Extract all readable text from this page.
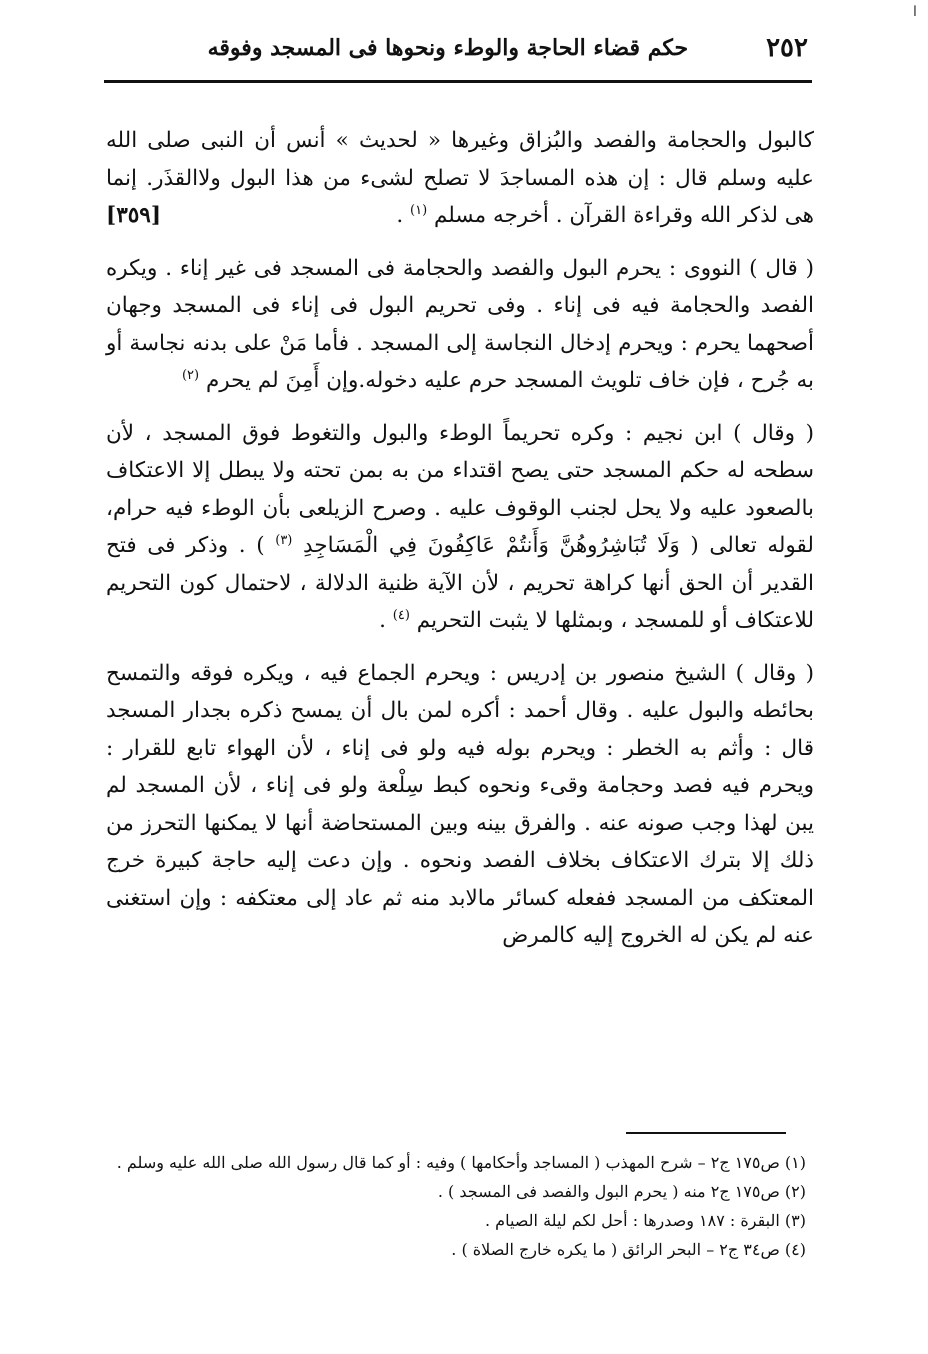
ا
٢٥٢
حكم قضاء الحاجة والوطء ونحوها فى المسجد وفوقه

كالبول والحجامة والفصد والبُزاق وغيرها « لحديث » أنس أن النبى صلى الله عليه وسلم قال : إن هذه المساجدَ لا تصلح لشىء من هذا البول ولاالقذَر. إنما هى لذكر الله وقراءة القرآن . أخرجه مسلم $^{(١)}$ .
[٣٥٩]

( قال ) النووى : يحرم البول والفصد والحجامة فى المسجد فى غير إناء . ويكره الفصد والحجامة فيه فى إناء . وفى تحريم البول فى إناء فى المسجد وجهان أصحهما يحرم : ويحرم إدخال النجاسة إلى المسجد . فأما مَنْ على بدنه نجاسة أو به جُرح ، فإن خاف تلويث المسجد حرم عليه دخوله.وإن أَمِنَ لم يحرم $^{(٢)}$

( وقال ) ابن نجيم : وكره تحريماً الوطء والبول والتغوط فوق المسجد ، لأن سطحه له حكم المسجد حتى يصح اقتداء من به بمن تحته ولا يبطل إلا الاعتكاف بالصعود عليه ولا يحل لجنب الوقوف عليه . وصرح الزيلعى بأن الوطء فيه حرام، لقوله تعالى ( وَلَا تُبَاشِرُوهُنَّ وَأَنتُمْ عَاكِفُونَ فِي الْمَسَاجِدِ $^{(٣)}$ ) . وذكر فى فتح القدير أن الحق أنها كراهة تحريم ، لأن الآية ظنية الدلالة ، لاحتمال كون التحريم للاعتكاف أو للمسجد ، وبمثلها لا يثبت التحريم $^{(٤)}$ .

( وقال ) الشيخ منصور بن إدريس : ويحرم الجماع فيه ، ويكره فوقه والتمسح بحائطه والبول عليه . وقال أحمد : أكره لمن بال أن يمسح ذكره بجدار المسجد قال : وأثم به الخطر : ويحرم بوله فيه ولو فى إناء ، لأن الهواء تابع للقرار : ويحرم فيه فصد وحجامة وقىء ونحوه كبط سِلْعة ولو فى إناء ، لأن المسجد لم يبن لهذا وجب صونه عنه . والفرق بينه وبين المستحاضة أنها لا يمكنها التحرز من ذلك إلا بترك الاعتكاف بخلاف الفصد ونحوه . وإن دعت إليه حاجة كبيرة خرج المعتكف من المسجد ففعله كسائر مالابد منه ثم عاد إلى معتكفه : وإن استغنى عنه لم يكن له الخروج إليه كالمرض

(١) ص١٧٥ ج٢ – شرح المهذب ( المساجد وأحكامها ) وفيه : أو كما قال رسول الله صلى الله عليه وسلم .
(٢) ص١٧٥ ج٢ منه ( يحرم البول والفصد فى المسجد ) .
(٣) البقرة : ١٨٧ وصدرها : أحل لكم ليلة الصيام .
(٤) ص٣٤ ج٢ – البحر الرائق ( ما يكره خارج الصلاة ) .
